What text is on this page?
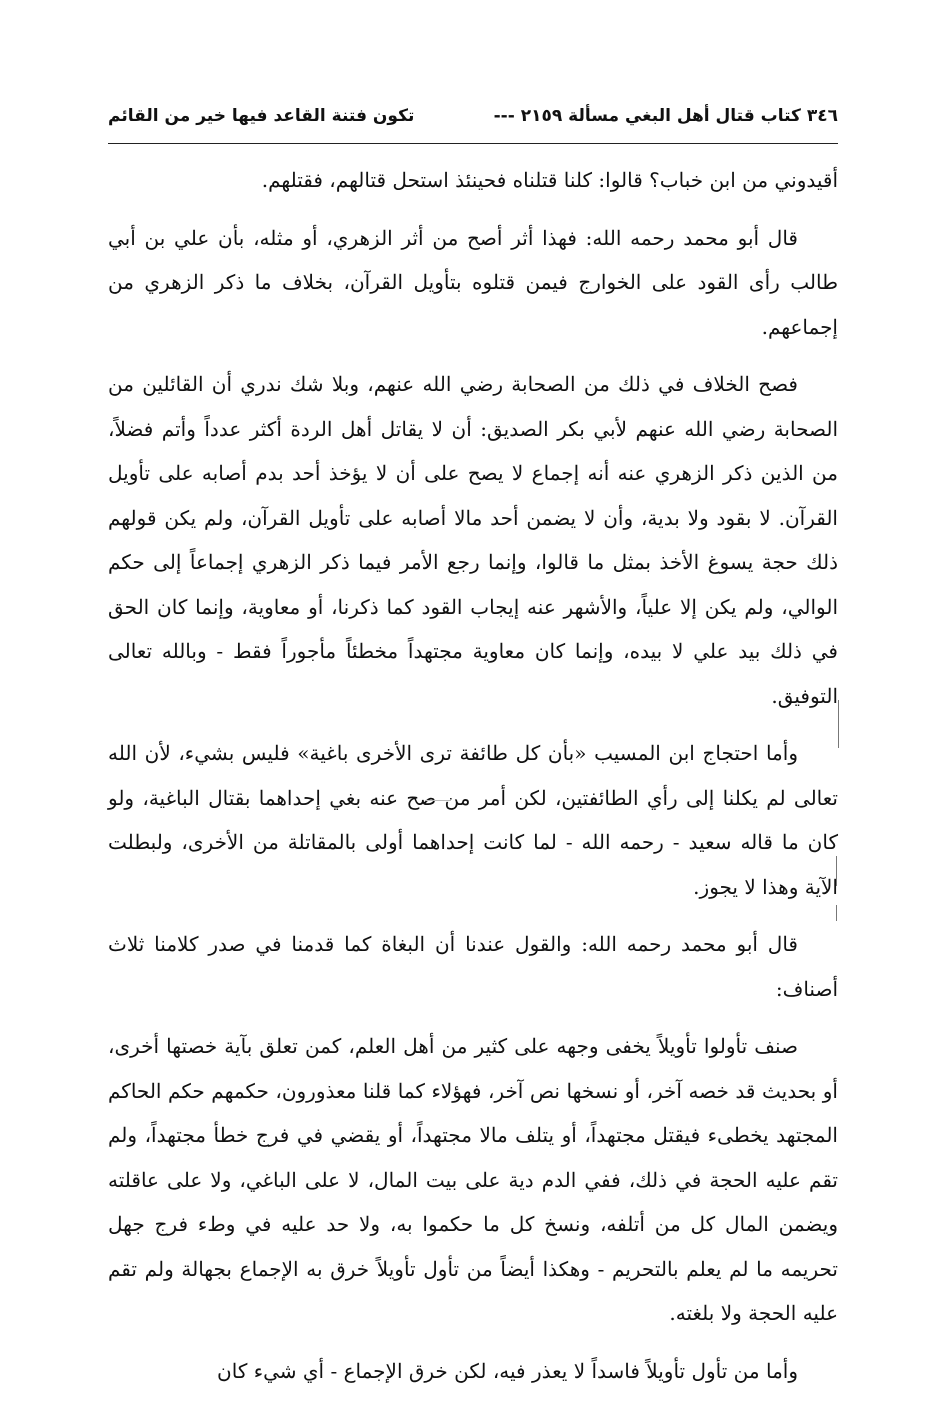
٣٤٦ كتاب قتال أهل البغي مسألة ٢١٥٩ ---
تكون فتنة القاعد فيها خير من القائم

أقيدوني من ابن خباب؟ قالوا: كلنا قتلناه فحينئذ استحل قتالهم، فقتلهم.

قال أبو محمد رحمه الله: فهذا أثر أصح من أثر الزهري، أو مثله، بأن علي بن أبي طالب رأى القود على الخوارج فيمن قتلوه بتأويل القرآن، بخلاف ما ذكر الزهري من إجماعهم.

فصح الخلاف في ذلك من الصحابة رضي الله عنهم، وبلا شك ندري أن القائلين من الصحابة رضي الله عنهم لأبي بكر الصديق: أن لا يقاتل أهل الردة أكثر عدداً وأتم فضلاً، من الذين ذكر الزهري عنه أنه إجماع لا يصح على أن لا يؤخذ أحد بدم أصابه على تأويل القرآن. لا بقود ولا بدية، وأن لا يضمن أحد مالا أصابه على تأويل القرآن، ولم يكن قولهم ذلك حجة يسوغ الأخذ بمثل ما قالوا، وإنما رجع الأمر فيما ذكر الزهري إجماعاً إلى حكم الوالي، ولم يكن إلا علياً، والأشهر عنه إيجاب القود كما ذكرنا، أو معاوية، وإنما كان الحق في ذلك بيد علي لا بيده، وإنما كان معاوية مجتهداً مخطئاً مأجوراً فقط - وبالله تعالى التوفيق.

وأما احتجاج ابن المسيب «بأن كل طائفة ترى الأخرى باغية» فليس بشيء، لأن الله تعالى لم يكلنا إلى رأي الطائفتين، لكن أمر من صح عنه بغي إحداهما بقتال الباغية، ولو كان ما قاله سعيد - رحمه الله - لما كانت إحداهما أولى بالمقاتلة من الأخرى، ولبطلت الآية وهذا لا يجوز.

قال أبو محمد رحمه الله: والقول عندنا أن البغاة كما قدمنا في صدر كلامنا ثلاث أصناف:

صنف تأولوا تأويلاً يخفى وجهه على كثير من أهل العلم، كمن تعلق بآية خصتها أخرى، أو بحديث قد خصه آخر، أو نسخها نص آخر، فهؤلاء كما قلنا معذورون، حكمهم حكم الحاكم المجتهد يخطىء فيقتل مجتهداً، أو يتلف مالا مجتهداً، أو يقضي في فرج خطأ مجتهداً، ولم تقم عليه الحجة في ذلك، ففي الدم دية على بيت المال، لا على الباغي، ولا على عاقلته ويضمن المال كل من أتلفه، ونسخ كل ما حكموا به، ولا حد عليه في وطء فرج جهل تحريمه ما لم يعلم بالتحريم - وهكذا أيضاً من تأول تأويلاً خرق به الإجماع بجهالة ولم تقم عليه الحجة ولا بلغته.

وأما من تأول تأويلاً فاسداً لا يعذر فيه، لكن خرق الإجماع - أي شيء كان
